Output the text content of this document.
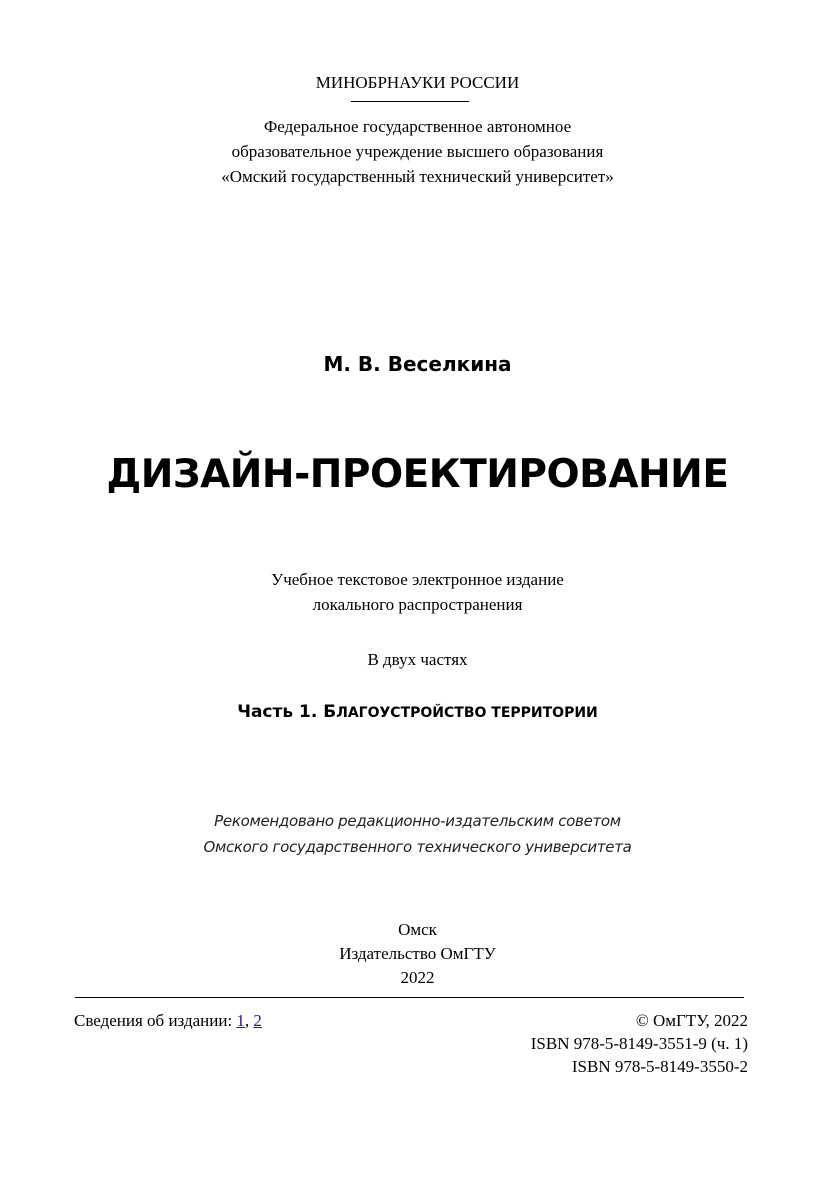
МИНОБРНАУКИ РОССИИ
Федеральное государственное автономное
образовательное учреждение высшего образования
«Омский государственный технический университет»
М. В. Веселкина
ДИЗАЙН-ПРОЕКТИРОВАНИЕ
Учебное текстовое электронное издание
локального распространения
В двух частях
Часть 1. БЛАГОУСТРОЙСТВО ТЕРРИТОРИИ
Рекомендовано редакционно-издательским советом
Омского государственного технического университета
Омск
Издательство ОмГТУ
2022
Сведения об издании: 1, 2	© ОмГТУ, 2022
ISBN 978-5-8149-3551-9 (ч. 1)
ISBN 978-5-8149-3550-2
